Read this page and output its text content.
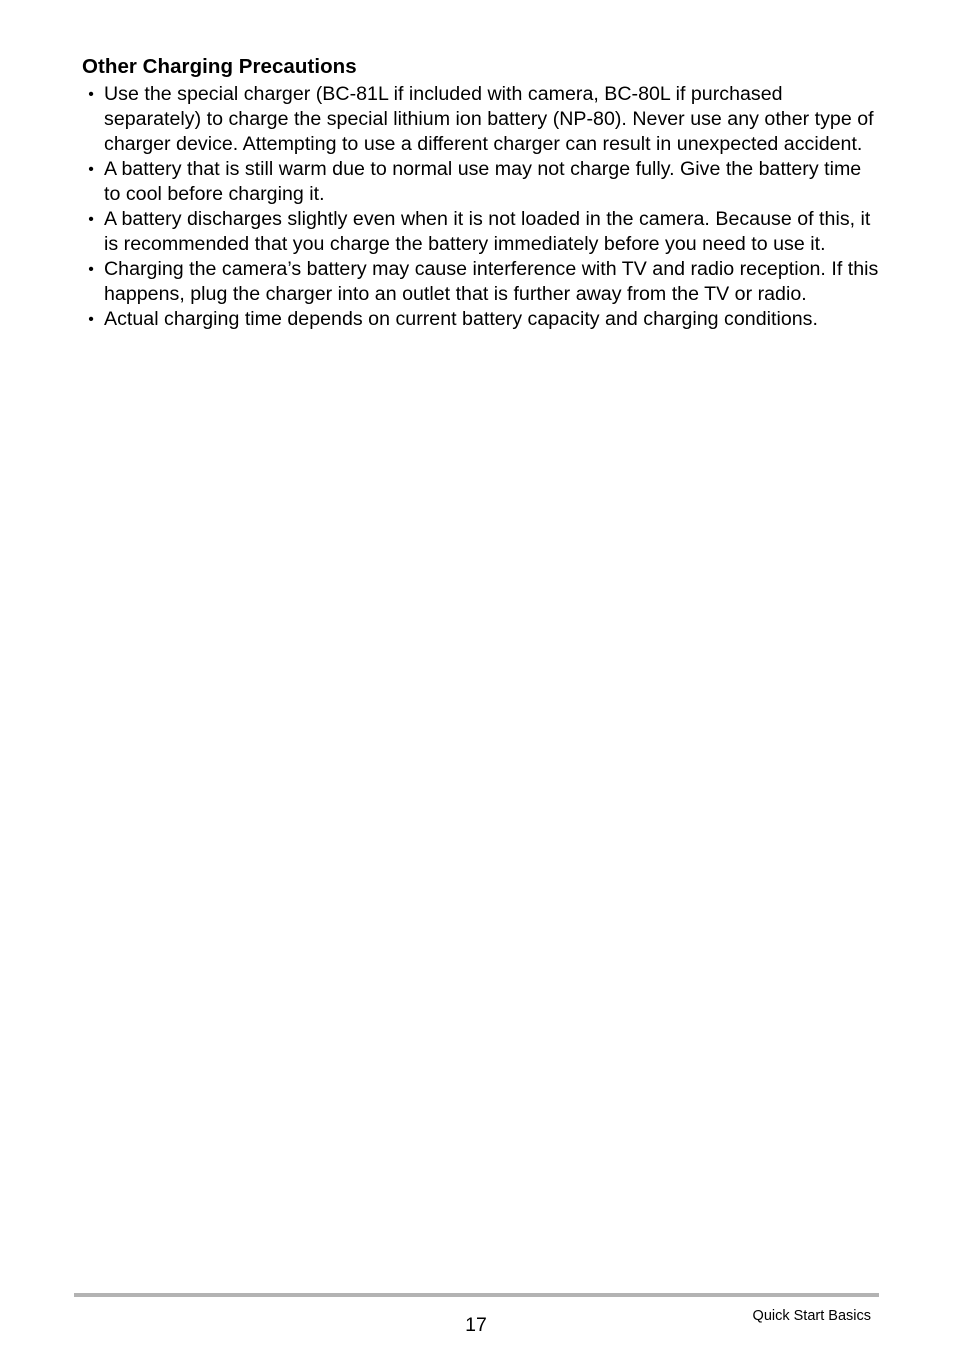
Other Charging Precautions
• Use the special charger (BC-81L if included with camera, BC-80L if purchased separately) to charge the special lithium ion battery (NP-80). Never use any other type of charger device. Attempting to use a different charger can result in unexpected accident.
• A battery that is still warm due to normal use may not charge fully. Give the battery time to cool before charging it.
• A battery discharges slightly even when it is not loaded in the camera. Because of this, it is recommended that you charge the battery immediately before you need to use it.
• Charging the camera’s battery may cause interference with TV and radio reception. If this happens, plug the charger into an outlet that is further away from the TV or radio.
• Actual charging time depends on current battery capacity and charging conditions.
17	Quick Start Basics
